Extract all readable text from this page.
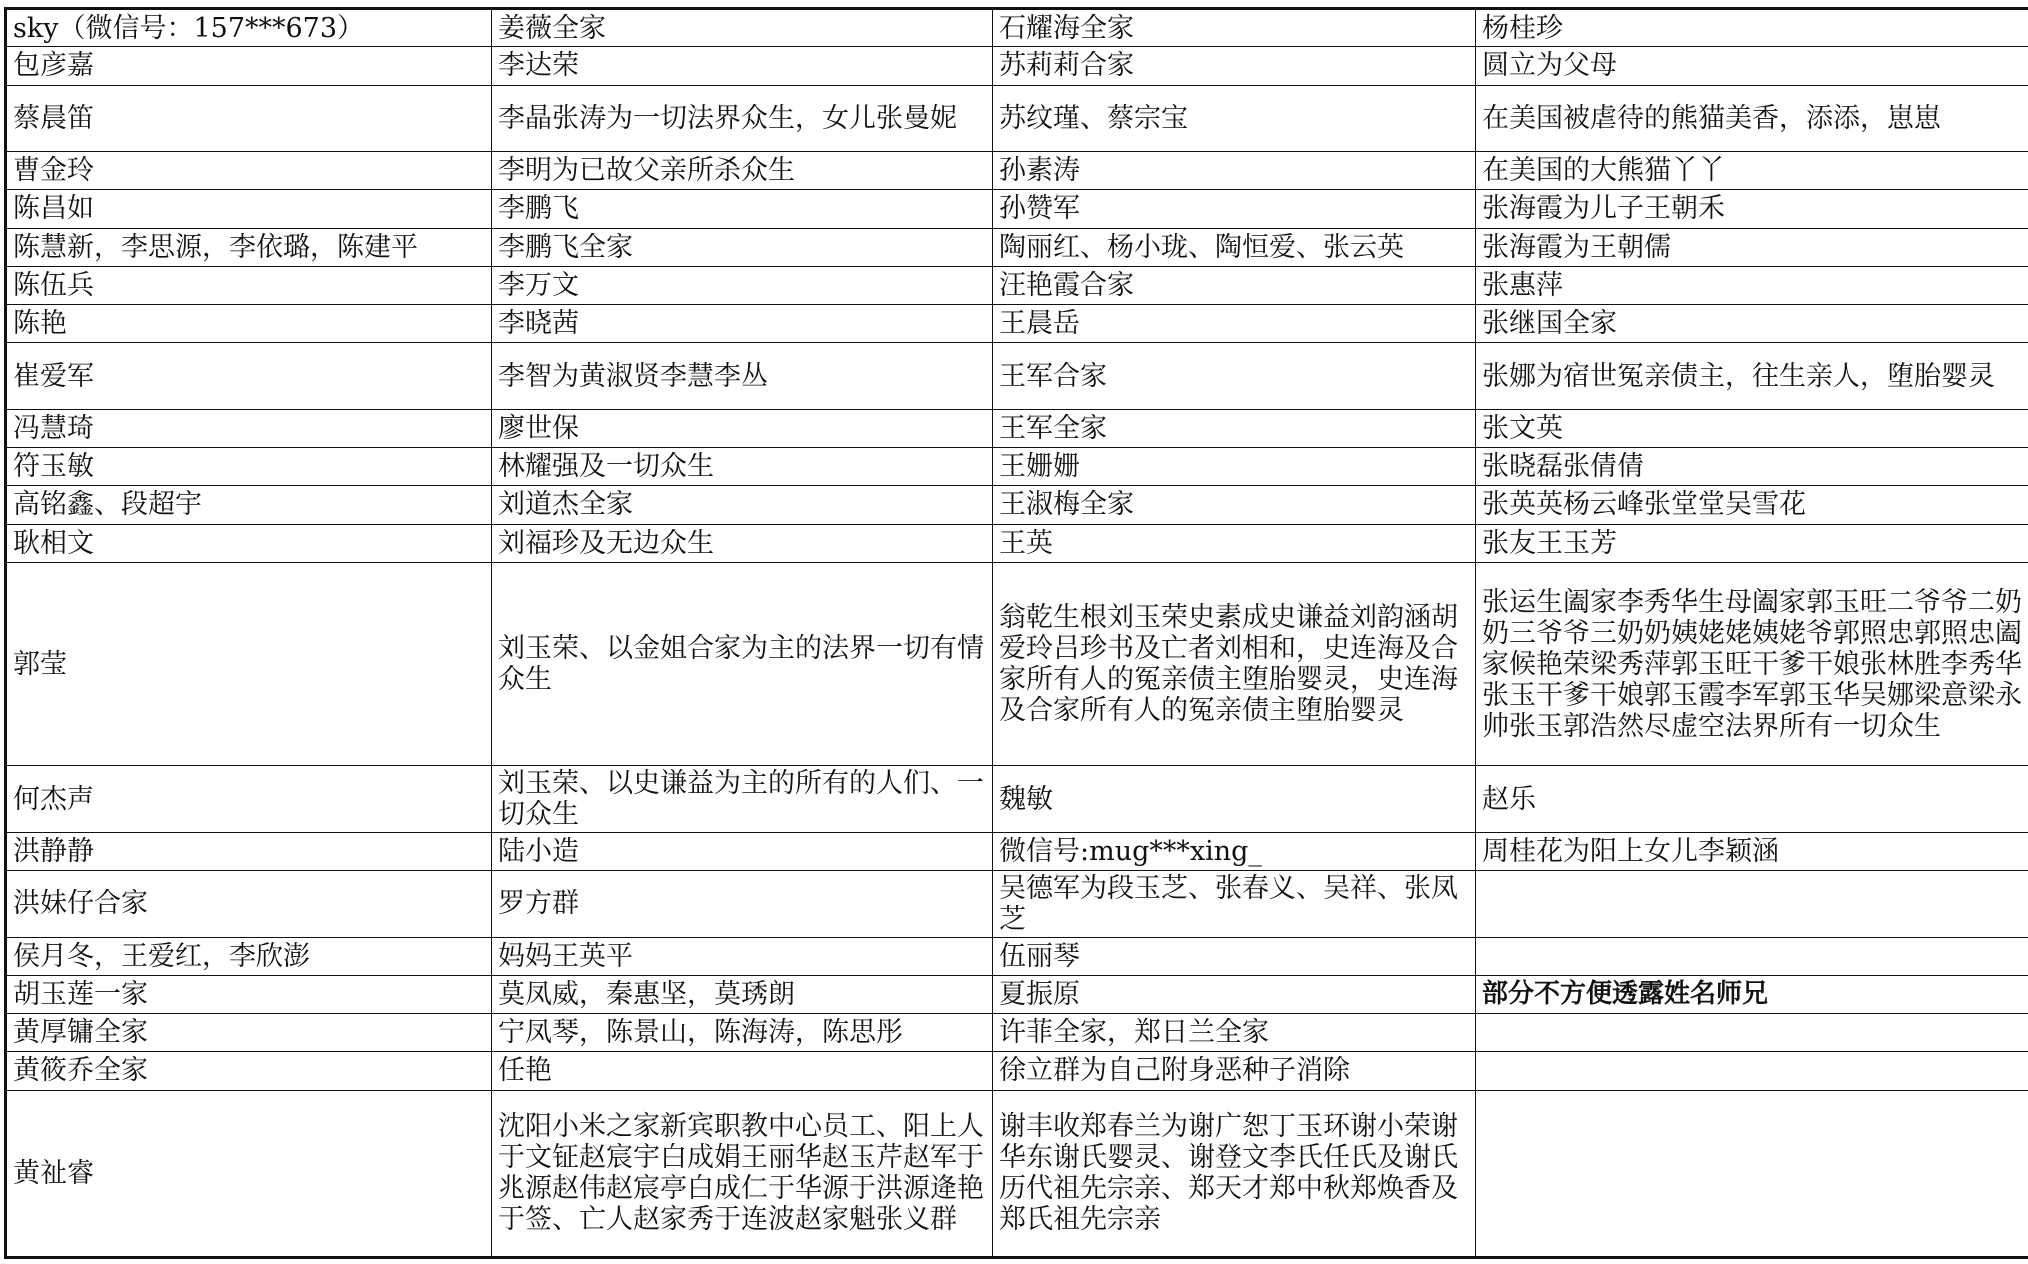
sky（微信号：157***673）	姜薇全家	石耀海全家	杨桂珍
包彦嘉	李达荣	苏莉莉合家	圆立为父母
蔡晨笛	李晶张涛为一切法界众生，女儿张曼妮	苏纹瑾、蔡宗宝	在美国被虐待的熊猫美香，添添，崽崽
曹金玲	李明为已故父亲所杀众生	孙素涛	在美国的大熊猫丫丫
陈昌如	李鹏飞	孙赞军	张海霞为儿子王朝禾
陈慧新，李思源，李依璐，陈建平	李鹏飞全家	陶丽红、杨小珑、陶恒爱、张云英	张海霞为王朝儒
陈伍兵	李万文	汪艳霞合家	张惠萍
陈艳	李晓茜	王晨岳	张继国全家
崔爱军	李智为黄淑贤李慧李丛	王军合家	张娜为宿世冤亲债主，往生亲人，堕胎婴灵
冯慧琦	廖世保	王军全家	张文英
符玉敏	林耀强及一切众生	王姗姗	张晓磊张倩倩
高铭鑫、段超宇	刘道杰全家	王淑梅全家	张英英杨云峰张堂堂吴雪花
耿相文	刘福珍及无边众生	王英	张友王玉芳
郭莹	刘玉荣、以金姐合家为主的法界一切有情众生	翁乾生根刘玉荣史素成史谦益刘韵涵胡爱玲吕珍书及亡者刘相和，史连海及合家所有人的冤亲债主堕胎婴灵，史连海及合家所有人的冤亲债主堕胎婴灵	张运生阖家李秀华生母阖家郭玉旺二爷爷二奶奶三爷爷三奶奶姨姥姥姨姥爷郭照忠郭照忠阖家候艳荣梁秀萍郭玉旺干爹干娘张林胜李秀华张玉干爹干娘郭玉霞李军郭玉华吴娜梁意梁永帅张玉郭浩然尽虚空法界所有一切众生
何杰声	刘玉荣、以史谦益为主的所有的人们、一切众生	魏敏	赵乐
洪静静	陆小造	微信号:mug***xing_	周桂花为阳上女儿李颖涵
洪妹仔合家	罗方群	吴德军为段玉芝、张春义、吴祥、张凤芝	
侯月冬，王爱红，李欣澎	妈妈王英平	伍丽琴	
胡玉莲一家	莫凤威，秦惠坚，莫琇朗	夏振原	部分不方便透露姓名师兄
黄厚镛全家	宁凤琴，陈景山，陈海涛，陈思彤	许菲全家，郑日兰全家	
黄筱乔全家	任艳	徐立群为自己附身恶种子消除	
黄祉睿	沈阳小米之家新宾职教中心员工、阳上人于文钲赵宸宇白成娟王丽华赵玉芹赵军于兆源赵伟赵宸亭白成仁于华源于洪源逄艳于签、亡人赵家秀于连波赵家魁张义群	谢丰收郑春兰为谢广恕丁玉环谢小荣谢华东谢氏婴灵、谢登文李氏任氏及谢氏历代祖先宗亲、郑天才郑中秋郑焕香及郑氏祖先宗亲	
